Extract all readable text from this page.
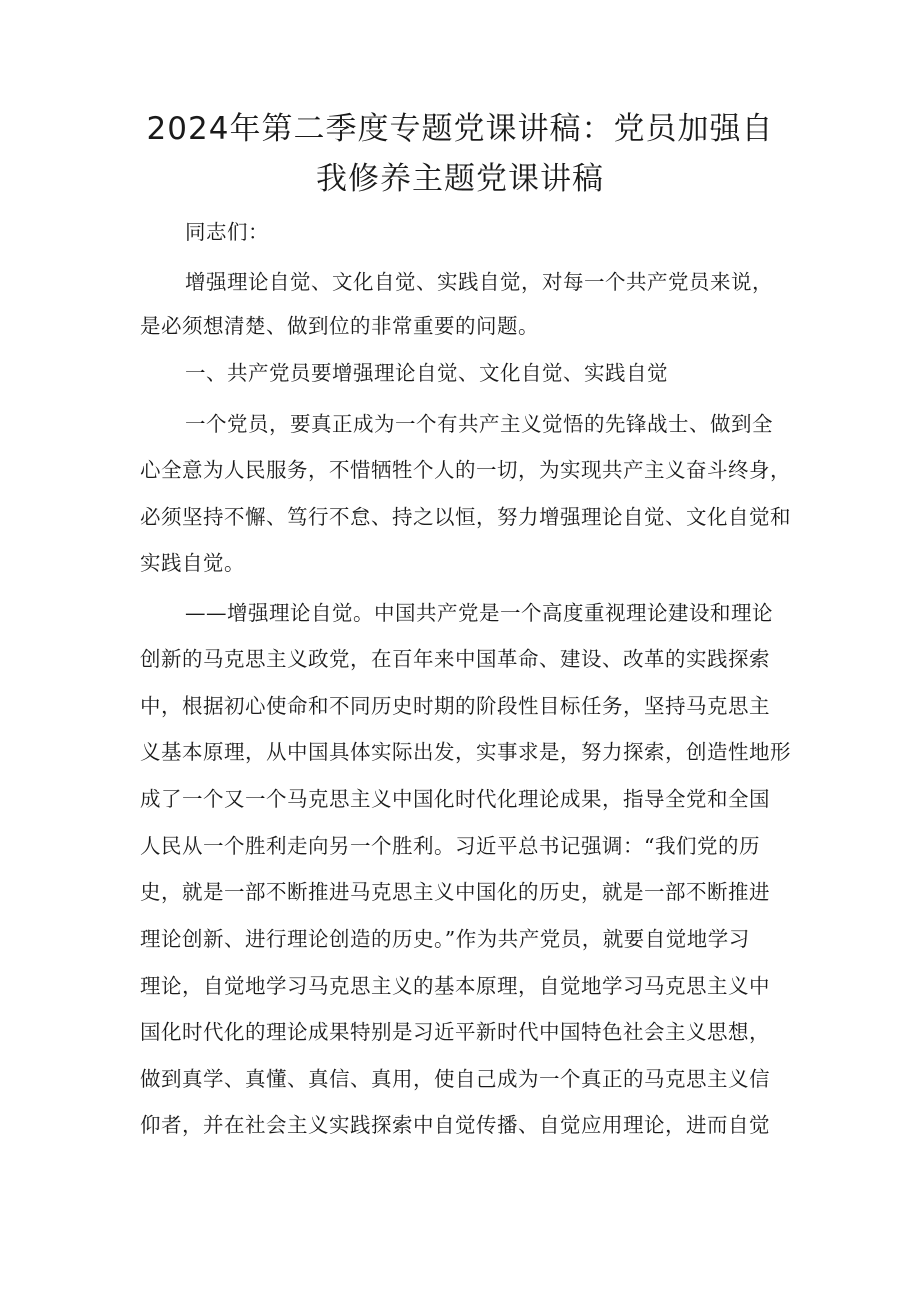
2024年第二季度专题党课讲稿：党员加强自
我修养主题党课讲稿
同志们：
增强理论自觉、文化自觉、实践自觉，对每一个共产党员来说，
是必须想清楚、做到位的非常重要的问题。
一、共产党员要增强理论自觉、文化自觉、实践自觉
一个党员，要真正成为一个有共产主义觉悟的先锋战士、做到全
心全意为人民服务，不惜牺牲个人的一切，为实现共产主义奋斗终身，
必须坚持不懈、笃行不怠、持之以恒，努力增强理论自觉、文化自觉和
实践自觉。
——增强理论自觉。中国共产党是一个高度重视理论建设和理论
创新的马克思主义政党，在百年来中国革命、建设、改革的实践探索
中，根据初心使命和不同历史时期的阶段性目标任务，坚持马克思主
义基本原理，从中国具体实际出发，实事求是，努力探索，创造性地形
成了一个又一个马克思主义中国化时代化理论成果，指导全党和全国
人民从一个胜利走向另一个胜利。习近平总书记强调：“我们党的历
史，就是一部不断推进马克思主义中国化的历史，就是一部不断推进
理论创新、进行理论创造的历史。”作为共产党员，就要自觉地学习
理论，自觉地学习马克思主义的基本原理，自觉地学习马克思主义中
国化时代化的理论成果特别是习近平新时代中国特色社会主义思想，
做到真学、真懂、真信、真用，使自己成为一个真正的马克思主义信
仰者，并在社会主义实践探索中自觉传播、自觉应用理论，进而自觉
